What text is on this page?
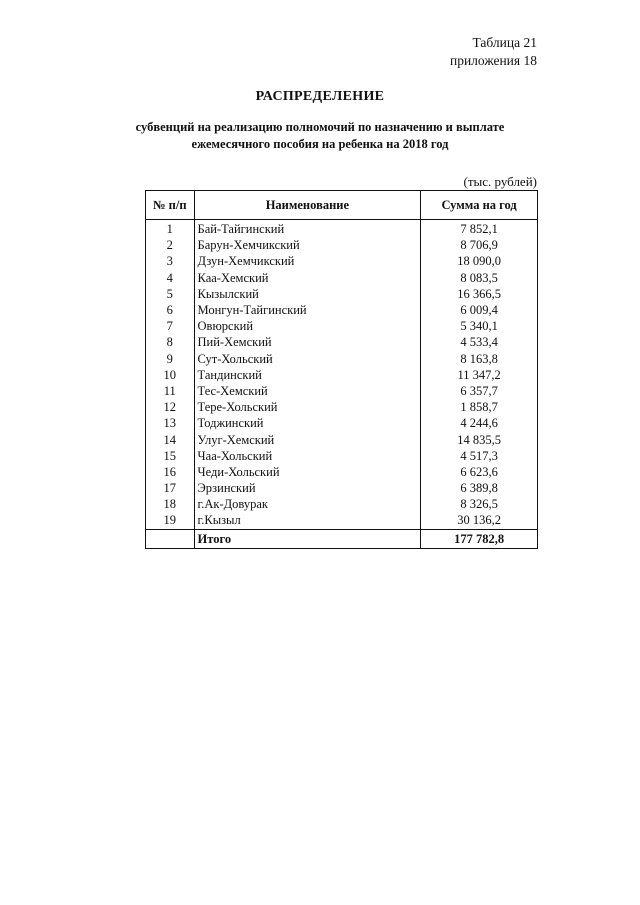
Таблица 21
приложения 18
РАСПРЕДЕЛЕНИЕ
субвенций на реализацию полномочий по назначению и выплате
ежемесячного пособия на ребенка на 2018 год
(тыс. рублей)
№ п/п	Наименование	Сумма на год
1	Бай-Тайгинский	7 852,1
2	Барун-Хемчикский	8 706,9
3	Дзун-Хемчикский	18 090,0
4	Каа-Хемский	8 083,5
5	Кызылский	16 366,5
6	Монгун-Тайгинский	6 009,4
7	Овюрский	5 340,1
8	Пий-Хемский	4 533,4
9	Сут-Хольский	8 163,8
10	Тандинский	11 347,2
11	Тес-Хемский	6 357,7
12	Тере-Хольский	1 858,7
13	Тоджинский	4 244,6
14	Улуг-Хемский	14 835,5
15	Чаа-Хольский	4 517,3
16	Чеди-Хольский	6 623,6
17	Эрзинский	6 389,8
18	г.Ак-Довурак	8 326,5
19	г.Кызыл	30 136,2
	Итого	177 782,8
